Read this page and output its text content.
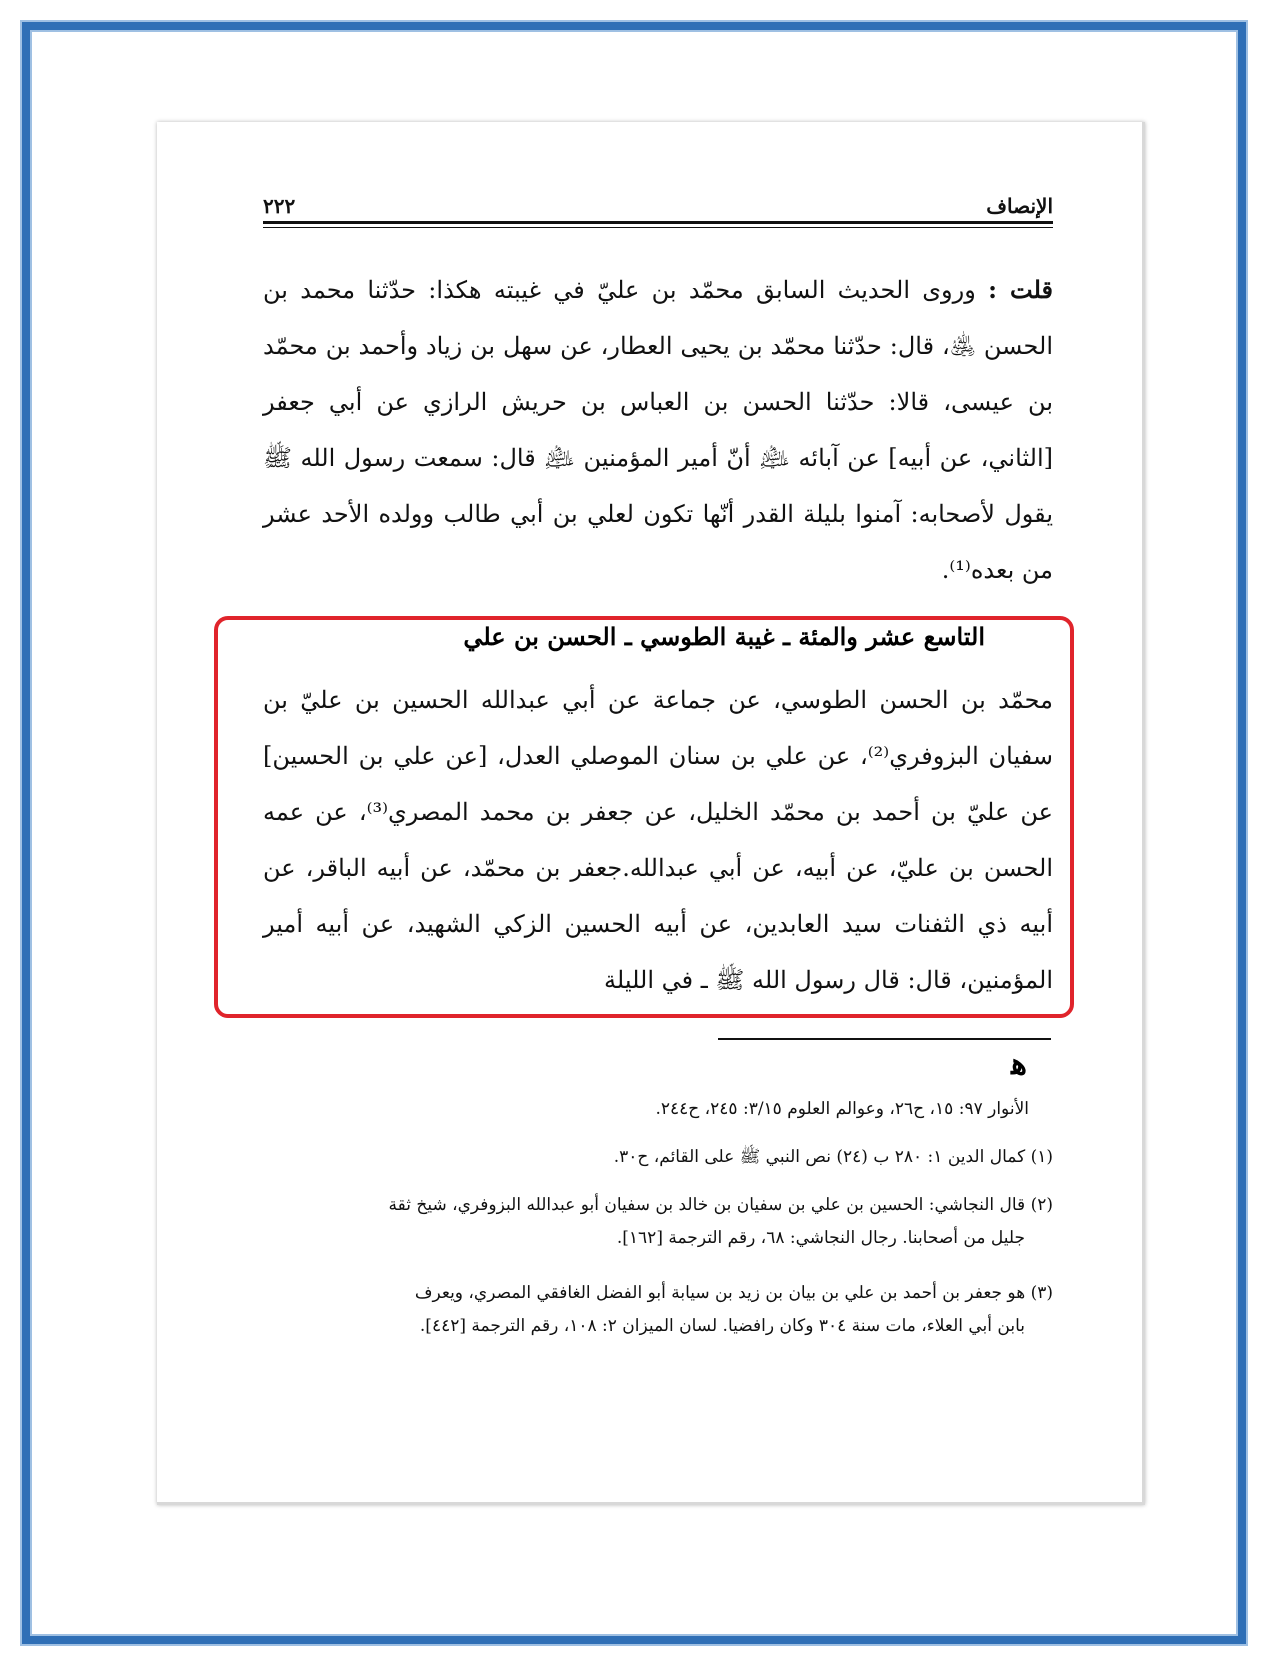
الإنصاف
٢٢٢
قلت : وروى الحديث السابق محمّد بن عليّ في غيبته هكذا: حدّثنا محمد بن الحسن ﵁، قال: حدّثنا محمّد بن يحيى العطار، عن سهل بن زياد وأحمد بن محمّد بن عيسى، قالا: حدّثنا الحسن بن العباس بن حريش الرازي عن أبي جعفر [الثاني، عن أبيه] عن آبائه ﵇ أنّ أمير المؤمنين ﵇ قال: سمعت رسول الله ﷺ يقول لأصحابه: آمنوا بليلة القدر أنّها تكون لعلي بن أبي طالب وولده الأحد عشر من بعده⁽¹⁾.
التاسع عشر والمئة ـ غيبة الطوسي ـ الحسن بن علي
محمّد بن الحسن الطوسي، عن جماعة عن أبي عبدالله الحسين بن عليّ بن سفيان البزوفري⁽²⁾، عن علي بن سنان الموصلي العدل، [عن علي بن الحسين] عن عليّ بن أحمد بن محمّد الخليل، عن جعفر بن محمد المصري⁽³⁾، عن عمه الحسن بن عليّ، عن أبيه، عن أبي عبدالله.جعفر بن محمّد، عن أبيه الباقر، عن أبيه ذي الثفنات سيد العابدين، عن أبيه الحسين الزكي الشهيد، عن أبيه أمير المؤمنين، قال: قال رسول الله ﷺ ـ في الليلة
ﻫ
الأنوار ٩٧: ١٥، ح٢٦، وعوالم العلوم ٣/١٥: ٢٤٥، ح٢٤٤.
(١) كمال الدين ١: ٢٨٠ ب (٢٤) نص النبي ﷺ على القائم، ح٣٠.
(٢) قال النجاشي: الحسين بن علي بن سفيان بن خالد بن سفيان أبو عبدالله البزوفري، شيخ ثقة
جليل من أصحابنا. رجال النجاشي: ٦٨، رقم الترجمة [١٦٢].
(٣) هو جعفر بن أحمد بن علي بن بيان بن زيد بن سيابة أبو الفضل الغافقي المصري، ويعرف
بابن أبي العلاء، مات سنة ٣٠٤ وكان رافضيا. لسان الميزان ٢: ١٠٨، رقم الترجمة [٤٤٢].
